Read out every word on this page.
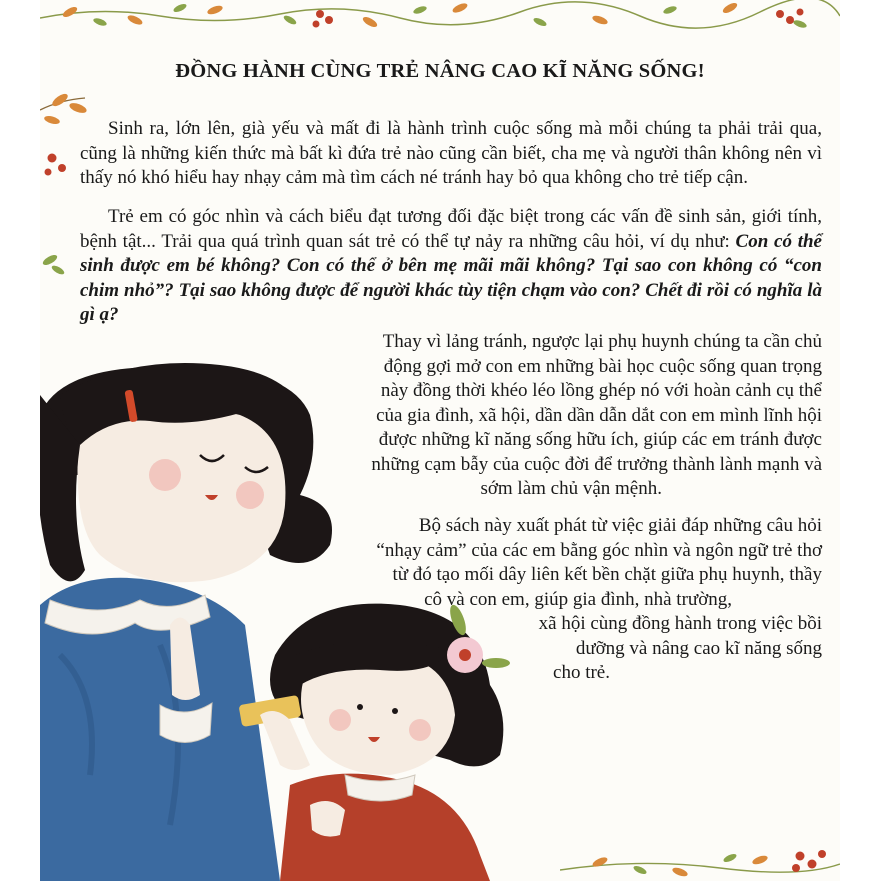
ĐỒNG HÀNH CÙNG TRẺ NÂNG CAO KĨ NĂNG SỐNG!

Sinh ra, lớn lên, già yếu và mất đi là hành trình cuộc sống mà mỗi chúng ta phải trải qua, cũng là những kiến thức mà bất kì đứa trẻ nào cũng cần biết, cha mẹ và người thân không nên vì thấy nó khó hiểu hay nhạy cảm mà tìm cách né tránh hay bỏ qua không cho trẻ tiếp cận.

Trẻ em có góc nhìn và cách biểu đạt tương đối đặc biệt trong các vấn đề sinh sản, giới tính, bệnh tật... Trải qua quá trình quan sát trẻ có thể tự nảy ra những câu hỏi, ví dụ như: Con có thể sinh được em bé không? Con có thể ở bên mẹ mãi mãi không? Tại sao con không có “con chim nhỏ”? Tại sao không được để người khác tùy tiện chạm vào con? Chết đi rồi có nghĩa là gì ạ?

Thay vì lảng tránh, ngược lại phụ huynh chúng ta cần chủ
động gợi mở con em những bài học cuộc sống quan trọng
này đồng thời khéo léo lồng ghép nó với hoàn cảnh cụ thể
của gia đình, xã hội, dần dần dẫn dắt con em mình lĩnh hội
được những kĩ năng sống hữu ích, giúp các em tránh được
những cạm bẫy của cuộc đời để trưởng thành lành mạnh và
sớm làm chủ vận mệnh.
Bộ sách này xuất phát từ việc giải đáp những câu hỏi
“nhạy cảm” của các em bằng góc nhìn và ngôn ngữ trẻ thơ
từ đó tạo mối dây liên kết bền chặt giữa phụ huynh, thầy
cô và con em, giúp gia đình, nhà trường,
xã hội cùng đồng hành trong việc bồi
dưỡng và nâng cao kĩ năng sống
cho trẻ.
